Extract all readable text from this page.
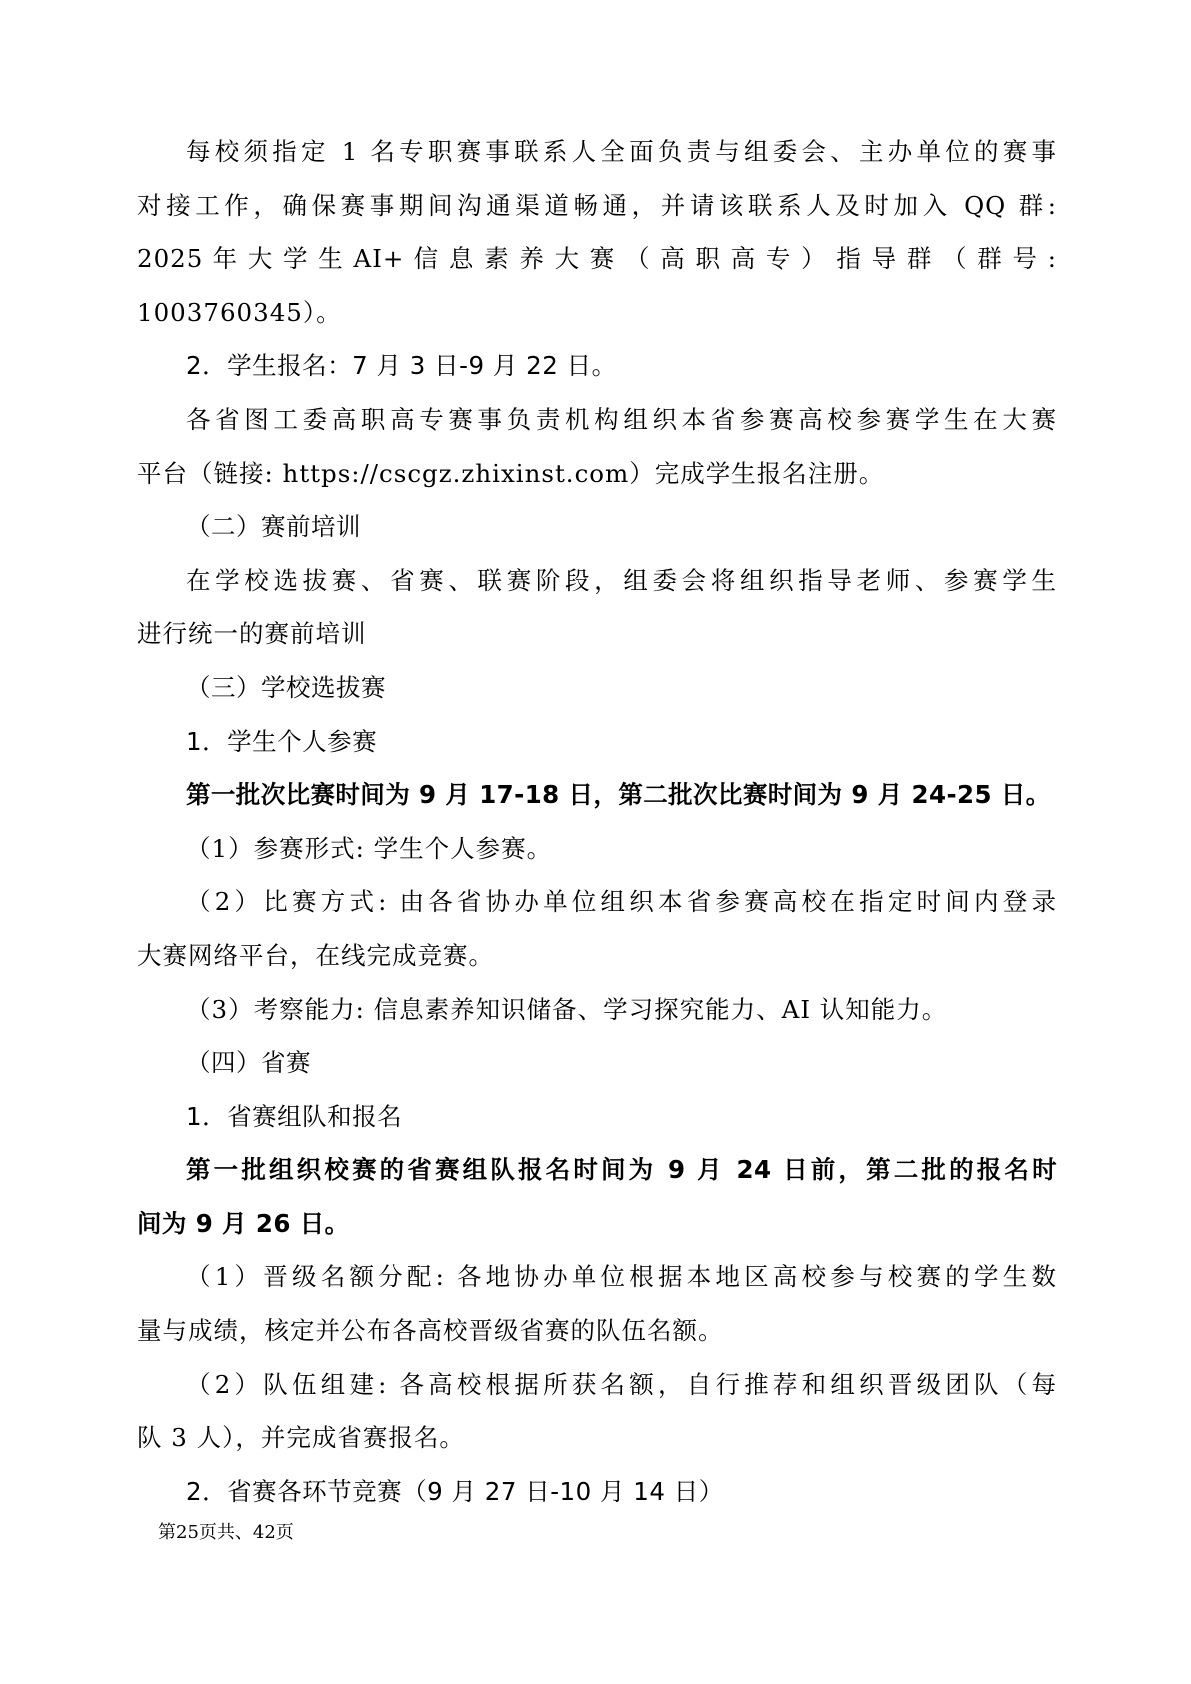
每校须指定 1 名专职赛事联系人全面负责与组委会、主办单位的赛事

对接工作，确保赛事期间沟通渠道畅通，并请该联系人及时加入 QQ 群:

2025 年 大 学 生 AI+ 信 息 素 养 大 赛 （ 高 职 高 专 ） 指 导 群 （ 群 号 :

1003760345）。

2．学生报名：7 月 3 日-9 月 22 日。

各省图工委高职高专赛事负责机构组织本省参赛高校参赛学生在大赛

平台（链接: https://cscgz.zhixinst.com）完成学生报名注册。

（二）赛前培训

在学校选拔赛、省赛、联赛阶段，组委会将组织指导老师、参赛学生

进行统一的赛前培训

（三）学校选拔赛

1．学生个人参赛

第一批次比赛时间为 9 月 17-18 日，第二批次比赛时间为 9 月 24-25 日。

（1）参赛形式: 学生个人参赛。

（2）比赛方式: 由各省协办单位组织本省参赛高校在指定时间内登录

大赛网络平台，在线完成竞赛。

（3）考察能力: 信息素养知识储备、学习探究能力、AI 认知能力。

（四）省赛

1．省赛组队和报名

第一批组织校赛的省赛组队报名时间为 9 月 24 日前，第二批的报名时

间为 9 月 26 日。

（1）晋级名额分配: 各地协办单位根据本地区高校参与校赛的学生数

量与成绩，核定并公布各高校晋级省赛的队伍名额。

（2）队伍组建: 各高校根据所获名额，自行推荐和组织晋级团队（每

队 3 人），并完成省赛报名。

2．省赛各环节竞赛（9 月 27 日-10 月 14 日）

第25页共、42页
